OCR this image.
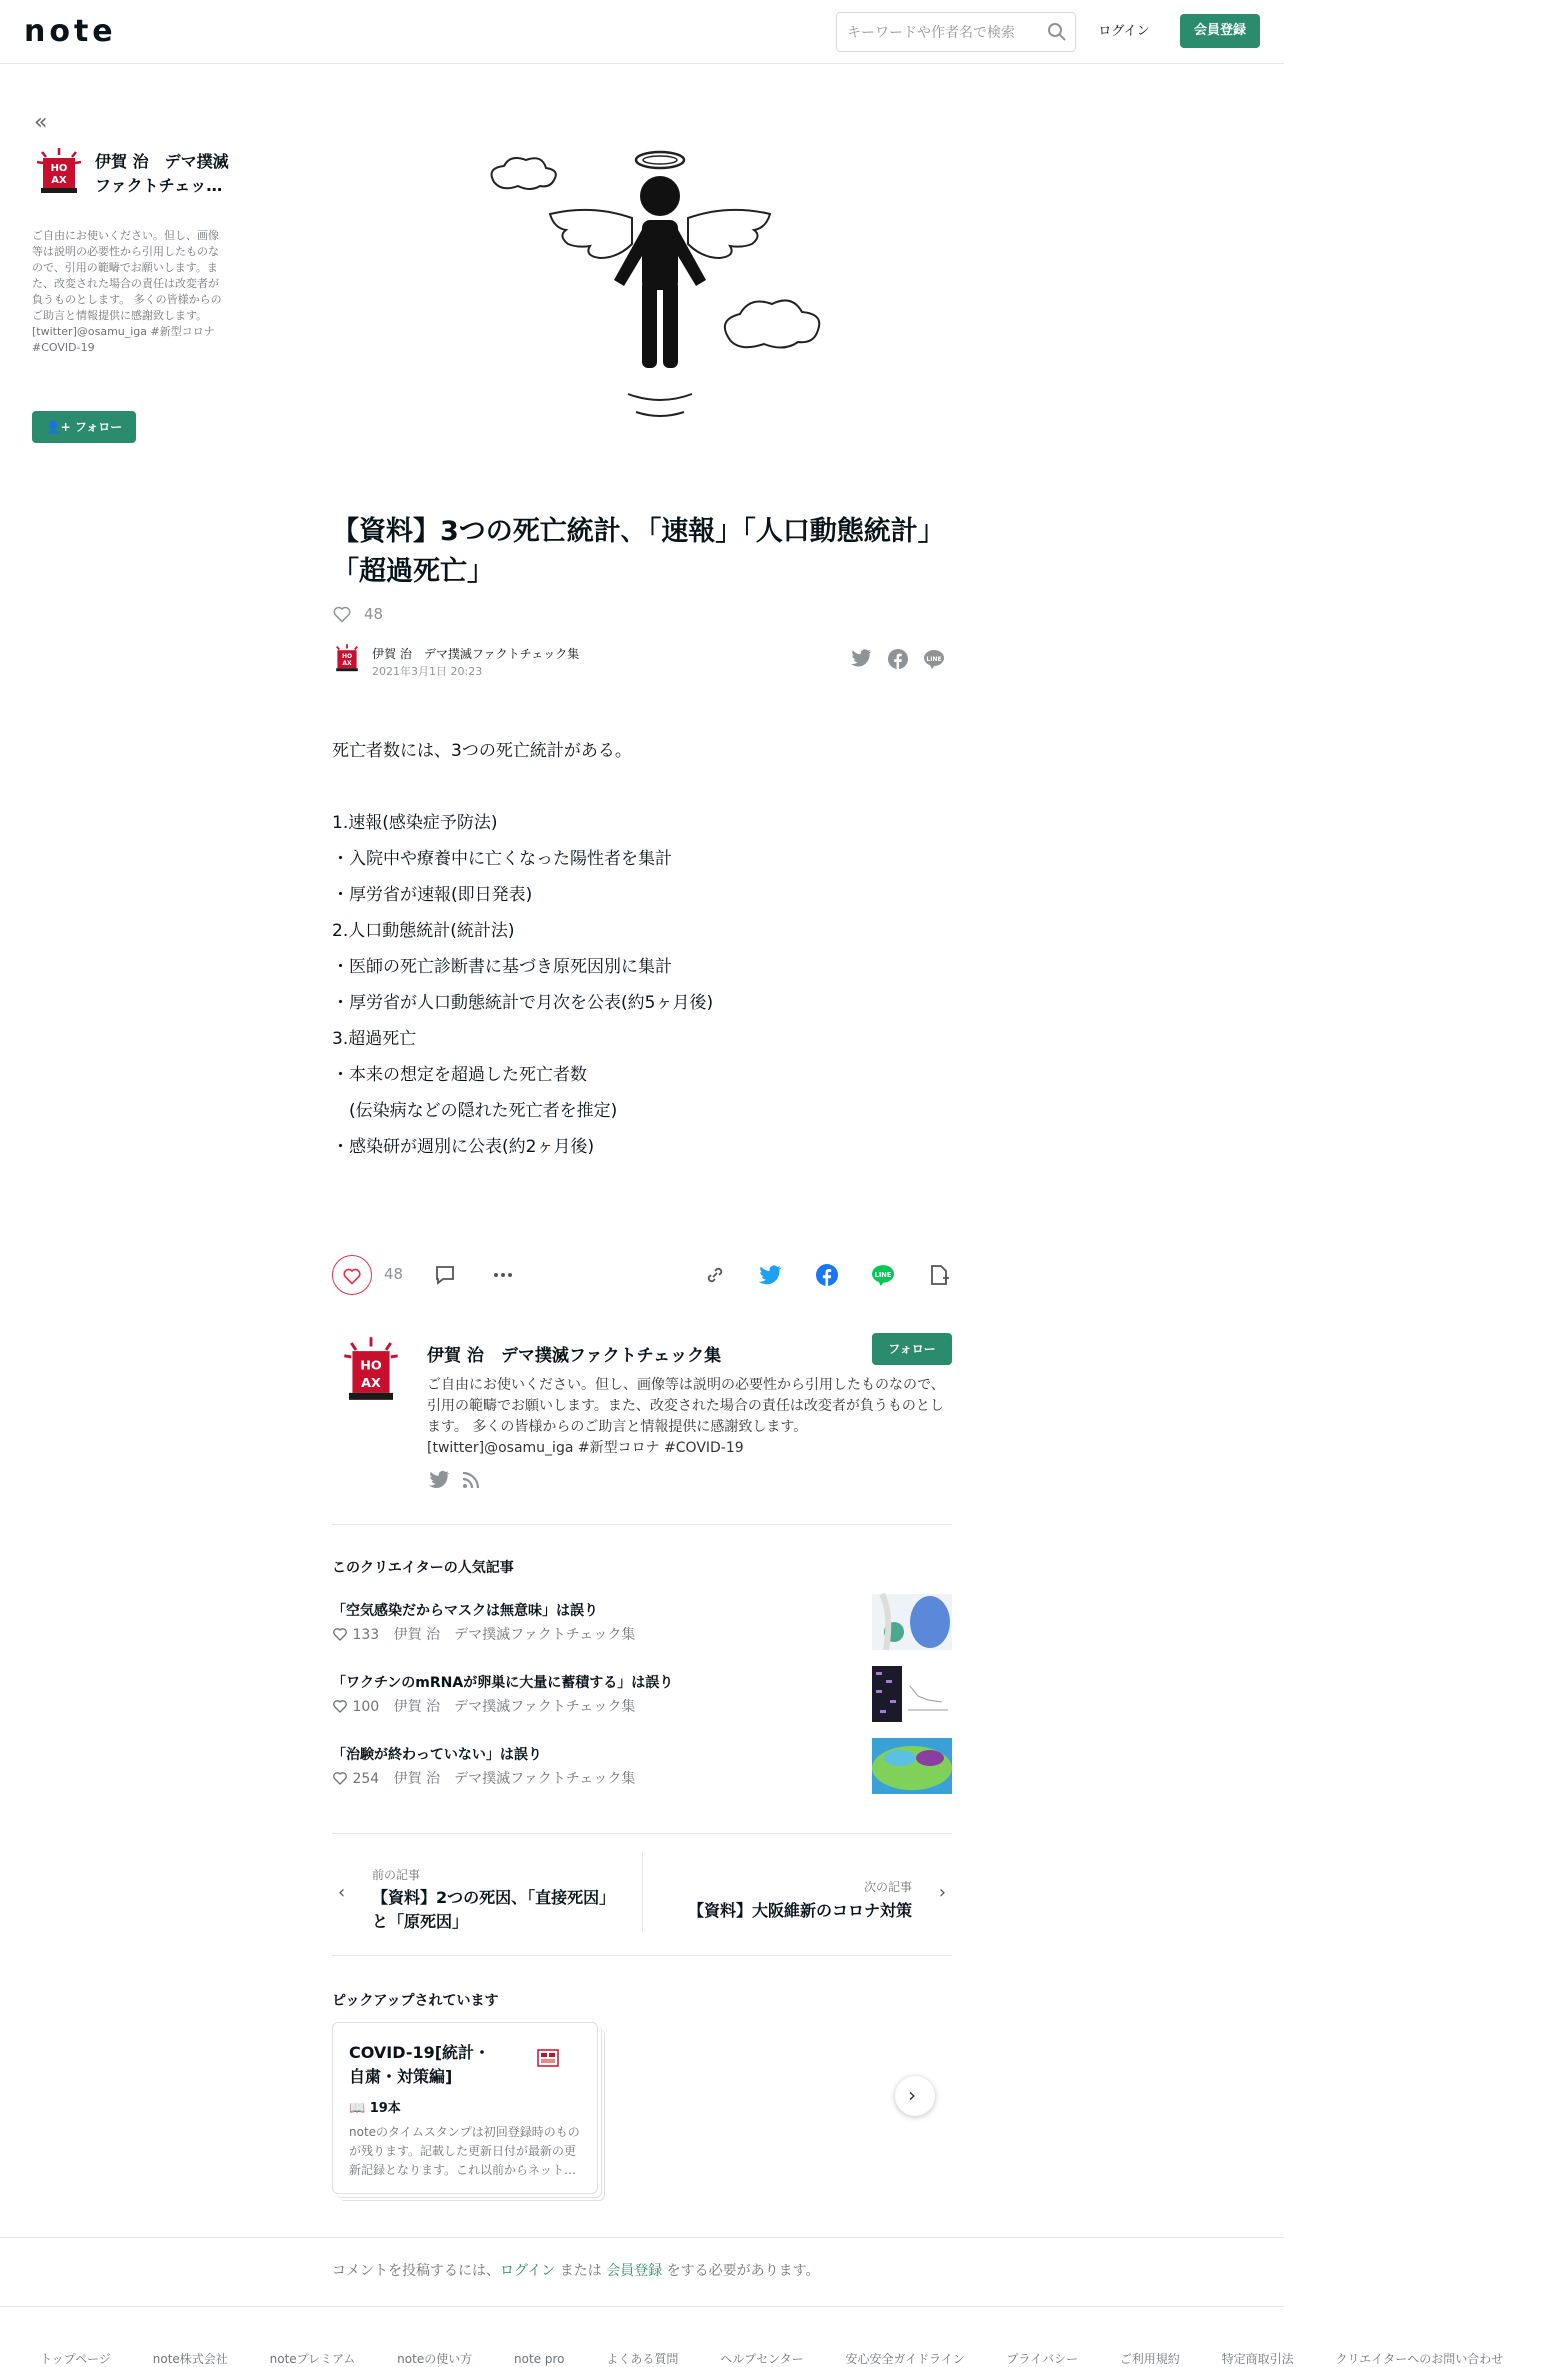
note
キーワードや作者名で検索	ログイン	会員登録
«
HO
AX
伊賀 治　デマ撲滅ファクトチェッ…
ご自由にお使いください。但し、画像等は説明の必要性から引用したものなので、引用の範疇でお願いします。また、改変された場合の責任は改変者が負うものとします。 多くの皆様からのご助言と情報提供に感謝致します。[twitter]@osamu_iga #新型コロナ #COVID-19
👤+ フォロー
【資料】3つの死亡統計､「速報」「人口動態統計」「超過死亡」
48
HO
AX
伊賀 治　デマ撲滅ファクトチェック集
2021年3月1日 20:23
LINE

死亡者数には、3つの死亡統計がある。

1.速報(感染症予防法)

・入院中や療養中に亡くなった陽性者を集計

・厚労省が速報(即日発表)

2.人口動態統計(統計法)

・医師の死亡診断書に基づき原死因別に集計

・厚労省が人口動態統計で月次を公表(約5ヶ月後)

3.超過死亡

・本来の想定を超過した死亡者数

　(伝染病などの隠れた死亡者を推定)

・感染研が週別に公表(約2ヶ月後)

48	LINE
HO
AX
伊賀 治　デマ撲滅ファクトチェック集	フォロー
ご自由にお使いください。但し、画像等は説明の必要性から引用したものなので、引用の範疇でお願いします。また、改変された場合の責任は改変者が負うものとします。 多くの皆様からのご助言と情報提供に感謝致します。[twitter]@osamu_iga #新型コロナ #COVID-19
このクリエイターの人気記事
「空気感染だからマスクは無意味」は誤り
133 伊賀 治　デマ撲滅ファクトチェック集
「ワクチンのmRNAが卵巣に大量に蓄積する」は誤り
100 伊賀 治　デマ撲滅ファクトチェック集
「治験が終わっていない」は誤り
254 伊賀 治　デマ撲滅ファクトチェック集
‹
前の記事
【資料】2つの死因、「直接死因」と「原死因」
次の記事
【資料】大阪維新のコロナ対策
›
ピックアップされています
COVID-19[統計・自粛・対策編]
📖 19本
noteのタイムスタンプは初回登録時のものが残ります。記載した更新日付が最新の更新記録となります。これ以前からネット…
›
コメントを投稿するには、ログイン または 会員登録 をする必要があります。
トップページ	note株式会社	noteプレミアム	noteの使い方	note pro	よくある質問	ヘルプセンター	安心安全ガイドライン	プライバシー	ご利用規約	特定商取引法	クリエイターへのお問い合わせ
